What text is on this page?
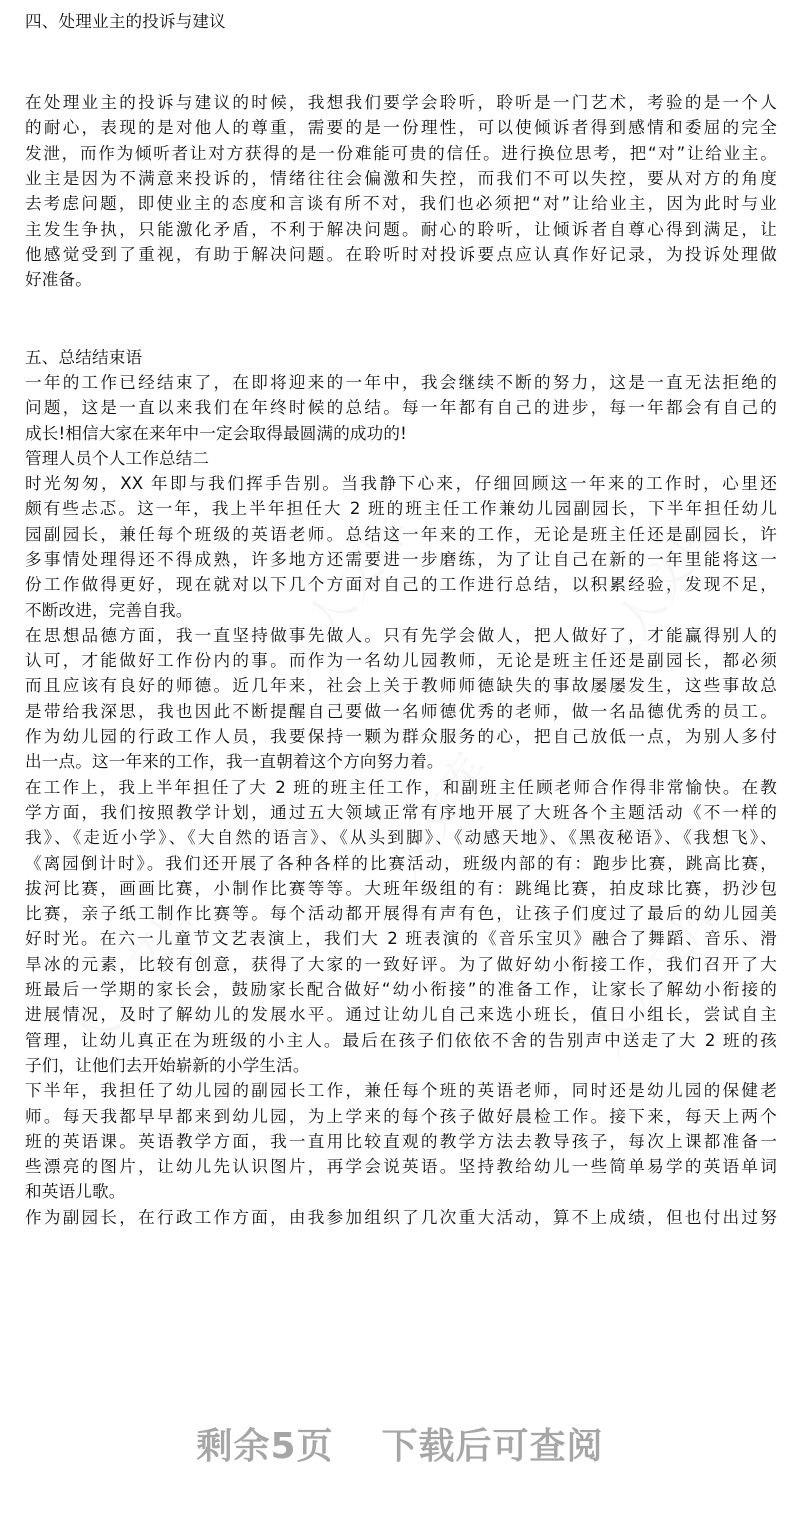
四、处理业主的投诉与建议
在处理业主的投诉与建议的时候，我想我们要学会聆听，聆听是一门艺术，考验的是一个人
的耐心，表现的是对他人的尊重，需要的是一份理性，可以使倾诉者得到感情和委屈的完全
发泄，而作为倾听者让对方获得的是一份难能可贵的信任。进行换位思考，把“对”让给业主。
业主是因为不满意来投诉的，情绪往往会偏激和失控，而我们不可以失控，要从对方的角度
去考虑问题，即使业主的态度和言谈有所不对，我们也必须把“对”让给业主，因为此时与业
主发生争执，只能激化矛盾，不利于解决问题。耐心的聆听，让倾诉者自尊心得到满足，让
他感觉受到了重视，有助于解决问题。在聆听时对投诉要点应认真作好记录，为投诉处理做
好准备。
五、总结结束语
一年的工作已经结束了，在即将迎来的一年中，我会继续不断的努力，这是一直无法拒绝的
问题，这是一直以来我们在年终时候的总结。每一年都有自己的进步，每一年都会有自己的
成长!相信大家在来年中一定会取得最圆满的成功的!
管理人员个人工作总结二
时光匆匆，XX 年即与我们挥手告别。当我静下心来，仔细回顾这一年来的工作时，心里还
颇有些忐忑。这一年，我上半年担任大 2 班的班主任工作兼幼儿园副园长，下半年担任幼儿
园副园长，兼任每个班级的英语老师。总结这一年来的工作，无论是班主任还是副园长，许
多事情处理得还不得成熟，许多地方还需要进一步磨练，为了让自己在新的一年里能将这一
份工作做得更好，现在就对以下几个方面对自己的工作进行总结，以积累经验，发现不足，
不断改进，完善自我。
在思想品德方面，我一直坚持做事先做人。只有先学会做人，把人做好了，才能赢得别人的
认可，才能做好工作份内的事。而作为一名幼儿园教师，无论是班主任还是副园长，都必须
而且应该有良好的师德。近几年来，社会上关于教师师德缺失的事故屡屡发生，这些事故总
是带给我深思，我也因此不断提醒自己要做一名师德优秀的老师，做一名品德优秀的员工。
作为幼儿园的行政工作人员，我要保持一颗为群众服务的心，把自己放低一点，为别人多付
出一点。这一年来的工作，我一直朝着这个方向努力着。
在工作上，我上半年担任了大 2 班的班主任工作，和副班主任顾老师合作得非常愉快。在教
学方面，我们按照教学计划，通过五大领域正常有序地开展了大班各个主题活动《不一样的
我》、《走近小学》、《大自然的语言》、《从头到脚》、《动感天地》、《黑夜秘语》、《我想飞》、
《离园倒计时》。我们还开展了各种各样的比赛活动，班级内部的有：跑步比赛，跳高比赛，
拔河比赛，画画比赛，小制作比赛等等。大班年级组的有：跳绳比赛，拍皮球比赛，扔沙包
比赛，亲子纸工制作比赛等。每个活动都开展得有声有色，让孩子们度过了最后的幼儿园美
好时光。在六一儿童节文艺表演上，我们大 2 班表演的《音乐宝贝》融合了舞蹈、音乐、滑
旱冰的元素，比较有创意，获得了大家的一致好评。为了做好幼小衔接工作，我们召开了大
班最后一学期的家长会，鼓励家长配合做好“幼小衔接”的准备工作，让家长了解幼小衔接的
进展情况，及时了解幼儿的发展水平。通过让幼儿自己来选小班长，值日小组长，尝试自主
管理，让幼儿真正在为班级的小主人。最后在孩子们依依不舍的告别声中送走了大 2 班的孩
子们，让他们去开始崭新的小学生活。
下半年，我担任了幼儿园的副园长工作，兼任每个班的英语老师，同时还是幼儿园的保健老
师。每天我都早早都来到幼儿园，为上学来的每个孩子做好晨检工作。接下来，每天上两个
班的英语课。英语教学方面，我一直用比较直观的教学方法去教导孩子，每次上课都准备一
些漂亮的图片，让幼儿先认识图片，再学会说英语。坚持教给幼儿一些简单易学的英语单词
和英语儿歌。
作为副园长，在行政工作方面，由我参加组织了几次重大活动，算不上成绩，但也付出过努
剩余5页 下载后可查阅
